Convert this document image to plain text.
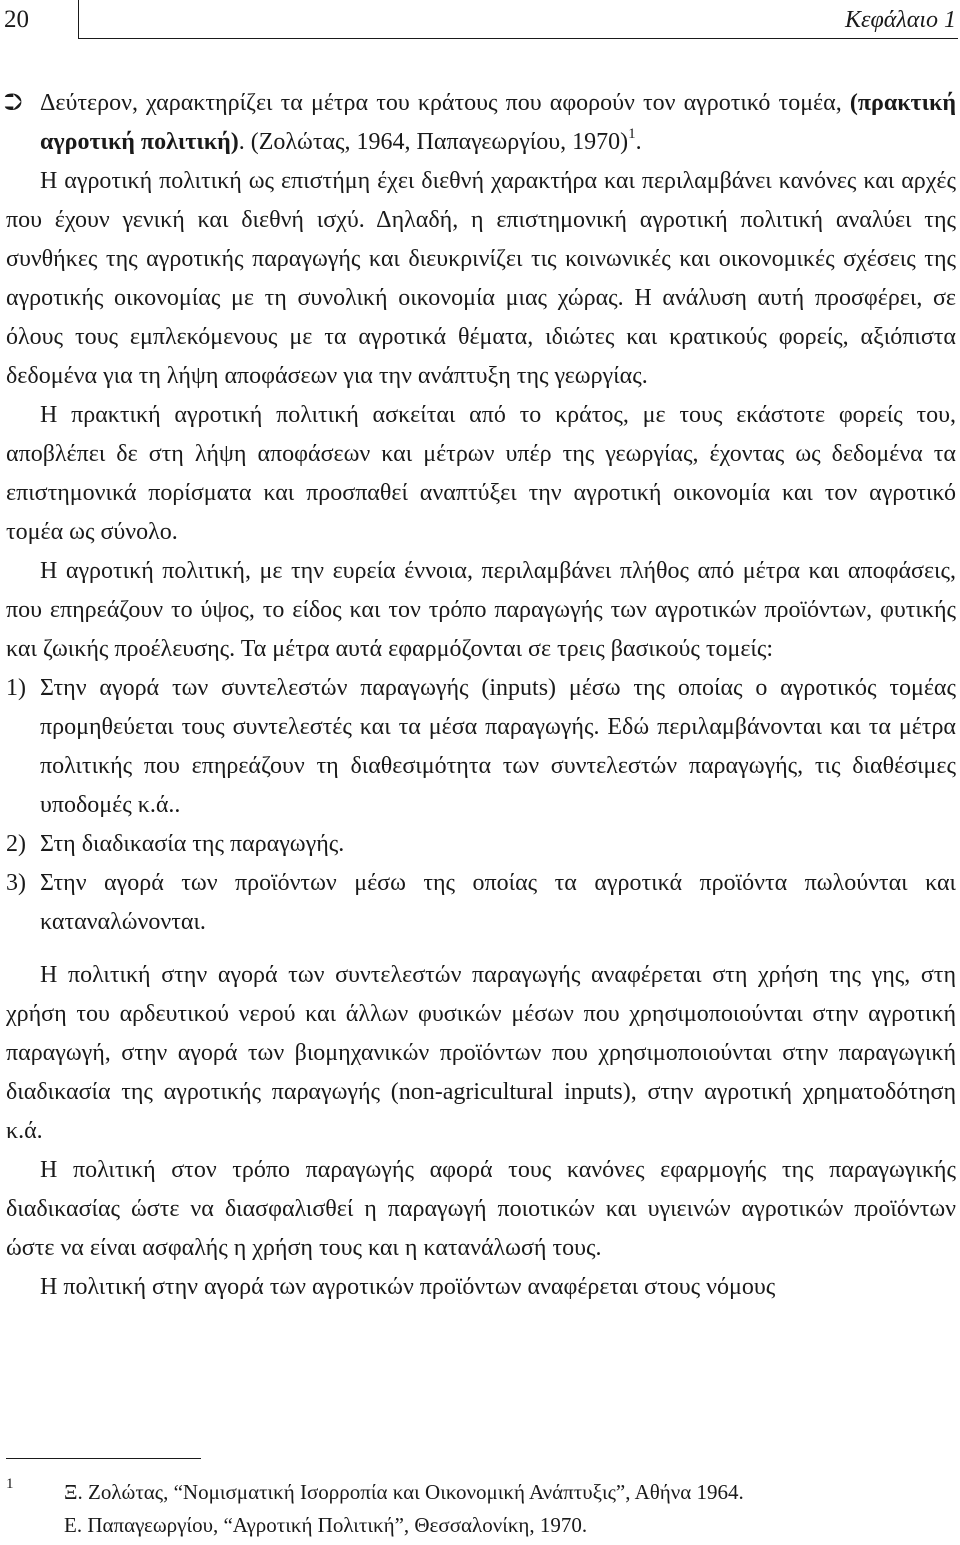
20	Κεφάλαιο 1
⮊ Δεύτερον, χαρακτηρίζει τα μέτρα του κράτους που αφορούν τον αγροτικό τομέα, (πρακτική αγροτική πολιτική). (Ζολώτας, 1964, Παπαγεωργίου, 1970)$^1$.

Η αγροτική πολιτική ως επιστήμη έχει διεθνή χαρακτήρα και περιλαμβάνει κανόνες και αρχές που έχουν γενική και διεθνή ισχύ. Δηλαδή, η επιστημονική αγροτική πολιτική αναλύει της συνθήκες της αγροτικής παραγωγής και διευκρινίζει τις κοινωνικές και οικονομικές σχέσεις της αγροτικής οικονομίας με τη συνολική οικονομία μιας χώρας. Η ανάλυση αυτή προσφέρει, σε όλους τους εμπλεκόμενους με τα αγροτικά θέματα, ιδιώτες και κρατικούς φορείς, αξιόπιστα δεδομένα για τη λήψη αποφάσεων για την ανάπτυξη της γεωργίας.

Η πρακτική αγροτική πολιτική ασκείται από το κράτος, με τους εκάστοτε φορείς του, αποβλέπει δε στη λήψη αποφάσεων και μέτρων υπέρ της γεωργίας, έχοντας ως δεδομένα τα επιστημονικά πορίσματα και προσπαθεί αναπτύξει την αγροτική οικονομία και τον αγροτικό τομέα ως σύνολο.

Η αγροτική πολιτική, με την ευρεία έννοια, περιλαμβάνει πλήθος από μέτρα και αποφάσεις, που επηρεάζουν το ύψος, το είδος και τον τρόπο παραγωγής των αγροτικών προϊόντων, φυτικής και ζωικής προέλευσης. Τα μέτρα αυτά εφαρμόζονται σε τρεις βασικούς τομείς:

1) Στην αγορά των συντελεστών παραγωγής (inputs) μέσω της οποίας ο αγροτικός τομέας προμηθεύεται τους συντελεστές και τα μέσα παραγωγής. Εδώ περιλαμβάνονται και τα μέτρα πολιτικής που επηρεάζουν τη διαθεσιμότητα των συντελεστών παραγωγής, τις διαθέσιμες υποδομές κ.ά..
2) Στη διαδικασία της παραγωγής.
3) Στην αγορά των προϊόντων μέσω της οποίας τα αγροτικά προϊόντα πωλούνται και καταναλώνονται.

Η πολιτική στην αγορά των συντελεστών παραγωγής αναφέρεται στη χρήση της γης, στη χρήση του αρδευτικού νερού και άλλων φυσικών μέσων που χρησιμοποιούνται στην αγροτική παραγωγή, στην αγορά των βιομηχανικών προϊόντων που χρησιμοποιούνται στην παραγωγική διαδικασία της αγροτικής παραγωγής (non-agricultural inputs), στην αγροτική χρηματοδότηση κ.ά.

Η πολιτική στον τρόπο παραγωγής αφορά τους κανόνες εφαρμογής της παραγωγικής διαδικασίας ώστε να διασφαλισθεί η παραγωγή ποιοτικών και υγιεινών αγροτικών προϊόντων ώστε να είναι ασφαλής η χρήση τους και η κατανάλωσή τους.

Η πολιτική στην αγορά των αγροτικών προϊόντων αναφέρεται στους νόμους

1	Ξ. Ζολώτας, “Νομισματική Ισορροπία και Οικονομική Ανάπτυξις”, Αθήνα 1964.
Ε. Παπαγεωργίου, “Αγροτική Πολιτική”, Θεσσαλονίκη, 1970.
